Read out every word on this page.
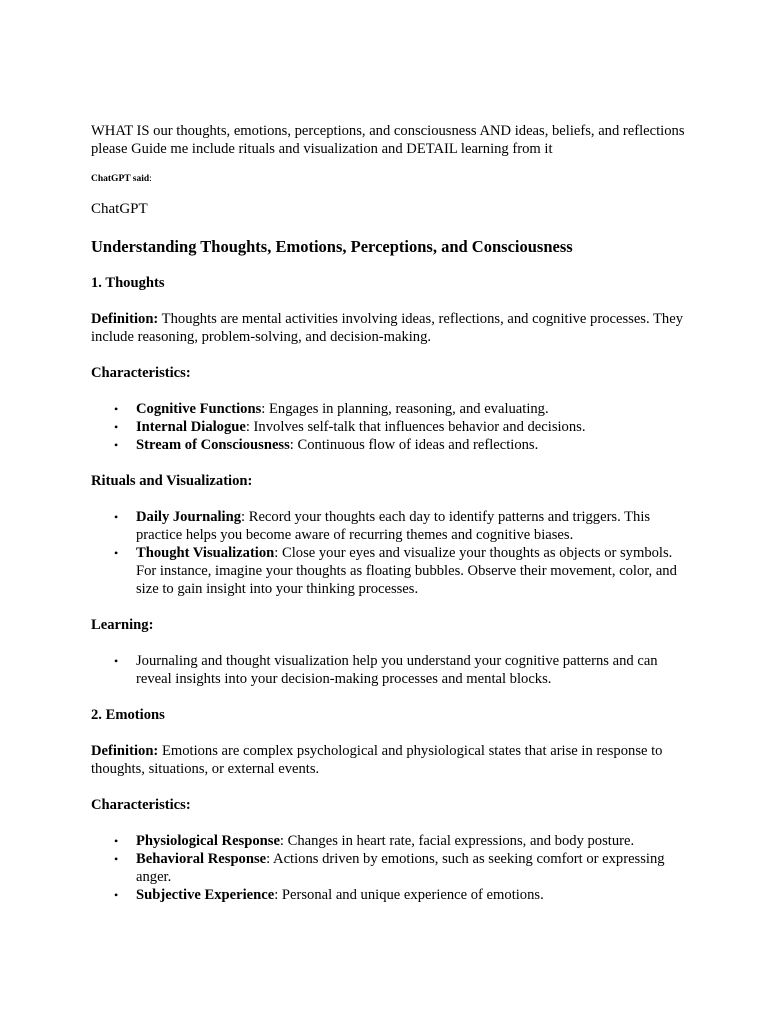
WHAT IS our thoughts, emotions, perceptions, and consciousness AND ideas, beliefs, and reflections please Guide me include rituals and visualization and DETAIL learning from it

ChatGPT said:

ChatGPT

Understanding Thoughts, Emotions, Perceptions, and Consciousness
1. Thoughts

Definition: Thoughts are mental activities involving ideas, reflections, and cognitive processes. They include reasoning, problem-solving, and decision-making.

Characteristics:

• Cognitive Functions: Engages in planning, reasoning, and evaluating.
• Internal Dialogue: Involves self-talk that influences behavior and decisions.
• Stream of Consciousness: Continuous flow of ideas and reflections.

Rituals and Visualization:

• Daily Journaling: Record your thoughts each day to identify patterns and triggers. This practice helps you become aware of recurring themes and cognitive biases.
• Thought Visualization: Close your eyes and visualize your thoughts as objects or symbols. For instance, imagine your thoughts as floating bubbles. Observe their movement, color, and size to gain insight into your thinking processes.

Learning:

• Journaling and thought visualization help you understand your cognitive patterns and can reveal insights into your decision-making processes and mental blocks.
2. Emotions

Definition: Emotions are complex psychological and physiological states that arise in response to thoughts, situations, or external events.

Characteristics:

• Physiological Response: Changes in heart rate, facial expressions, and body posture.
• Behavioral Response: Actions driven by emotions, such as seeking comfort or expressing anger.
• Subjective Experience: Personal and unique experience of emotions.
